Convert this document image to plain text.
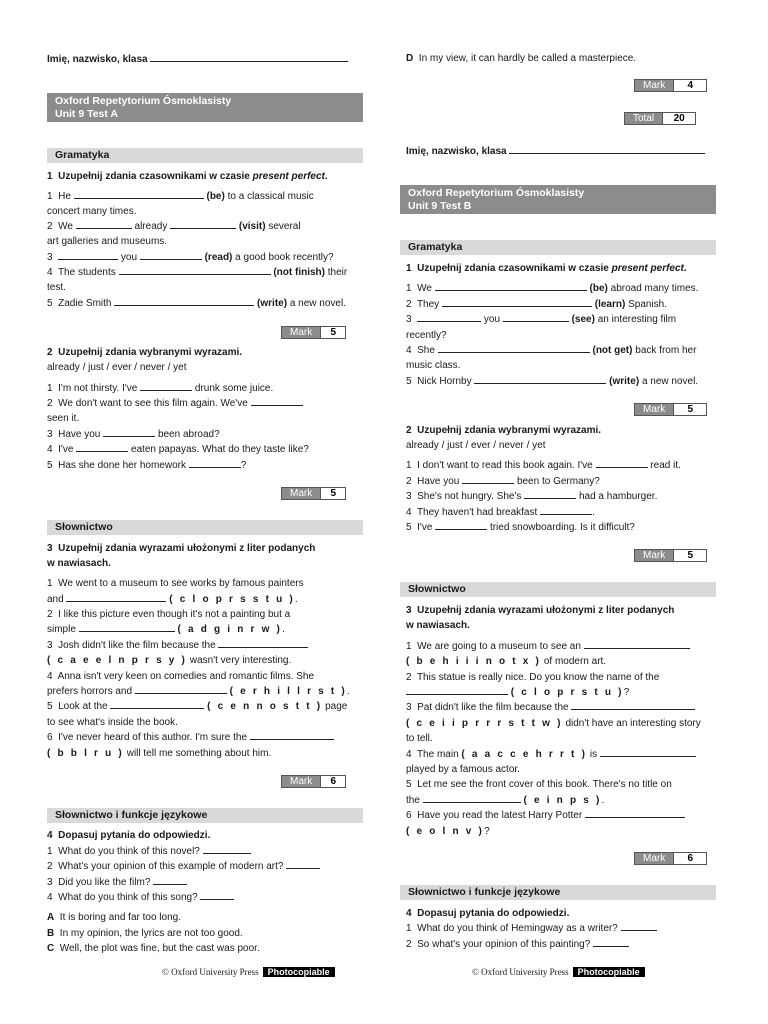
Imię, nazwisko, klasa
Oxford Repetytorium Ósmoklasisty
Unit 9 Test A
Gramatyka
1 Uzupełnij zdania czasownikami w czasie present perfect.
1 He	(be) to a classical music
concert many times.
2 We	already	(visit) several
art galleries and museums.
3	you	(read) a good book recently?
4 The students	(not finish) their
test.
5 Zadie Smith	(write) a new novel.
Mark	5
2 Uzupełnij zdania wybranymi wyrazami.
already / just / ever / never / yet
1 I'm not thirsty. I've	drunk some juice.
2 We don't want to see this film again. We've
seen it.
3 Have you	been abroad?
4 I've	eaten papayas. What do they taste like?
5 Has she done her homework	?
Mark	5
Słownictwo
3 Uzupełnij zdania wyrazami ułożonymi z liter podanych
w nawiasach.
1 We went to a museum to see works by famous painters
and	( c l o p r s s t u ).
2 I like this picture even though it's not a painting but a
simple	( a d g i n r w ).
3 Josh didn't like the film because the
( c a e e l n p r s y ) wasn't very interesting.
4 Anna isn't very keen on comedies and romantic films. She
prefers horrors and	( e r h i l l r s t ).
5 Look at the	( c e n n o s t t ) page
to see what's inside the book.
6 I've never heard of this author. I'm sure the
( b b l r u ) will tell me something about him.
Mark	6
Słownictwo i funkcje językowe
4 Dopasuj pytania do odpowiedzi.
1 What do you think of this novel?
2 What's your opinion of this example of modern art?
3 Did you like the film?
4 What do you think of this song?
A It is boring and far too long.
B In my opinion, the lyrics are not too good.
C Well, the plot was fine, but the cast was poor.
© Oxford University Press Photocopiable
D In my view, it can hardly be called a masterpiece.
Mark	4
Total	20
Imię, nazwisko, klasa
Oxford Repetytorium Ósmoklasisty
Unit 9 Test B
Gramatyka
1 Uzupełnij zdania czasownikami w czasie present perfect.
1 We	(be) abroad many times.
2 They	(learn) Spanish.
3	you	(see) an interesting film
recently?
4 She	(not get) back from her
music class.
5 Nick Hornby	(write) a new novel.
Mark	5
2 Uzupełnij zdania wybranymi wyrazami.
already / just / ever / never / yet
1 I don't want to read this book again. I've	read it.
2 Have you	been to Germany?
3 She's not hungry. She's	had a hamburger.
4 They haven't had breakfast	.
5 I've	tried snowboarding. Is it difficult?
Mark	5
Słownictwo
3 Uzupełnij zdania wyrazami ułożonymi z liter podanych
w nawiasach.
1 We are going to a museum to see an
( b e h i i i n o t x ) of modern art.
2 This statue is really nice. Do you know the name of the
( c l o p r s t u )?
3 Pat didn't like the film because the
( c e i i p r r r s t t w ) didn't have an interesting story
to tell.
4 The main ( a a c c e h r r t ) is
played by a famous actor.
5 Let me see the front cover of this book. There's no title on
the	( e i n p s ).
6 Have you read the latest Harry Potter
( e o l n v )?
Mark	6
Słownictwo i funkcje językowe
4 Dopasuj pytania do odpowiedzi.
1 What do you think of Hemingway as a writer?
2 So what's your opinion of this painting?
© Oxford University Press Photocopiable
